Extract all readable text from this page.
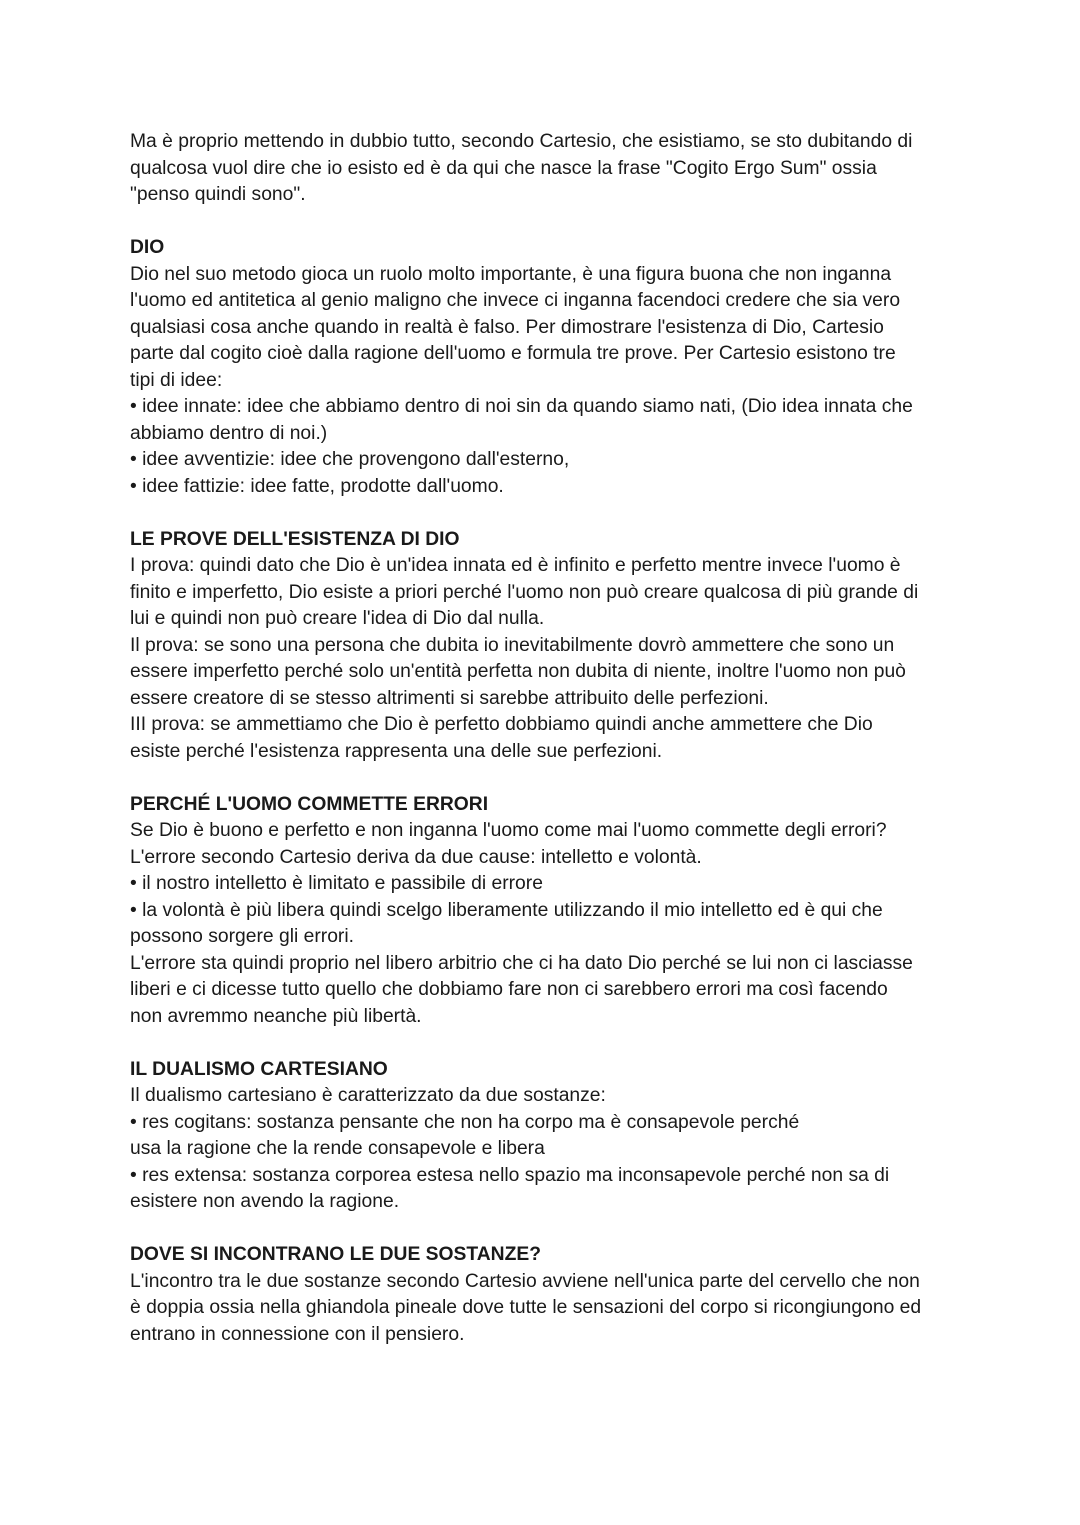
Ma è proprio mettendo in dubbio tutto, secondo Cartesio, che esistiamo, se sto dubitando di
qualcosa vuol dire che io esisto ed è da qui che nasce la frase "Cogito Ergo Sum" ossia
"penso quindi sono".

DIO

Dio nel suo metodo gioca un ruolo molto importante, è una figura buona che non inganna
l'uomo ed antitetica al genio maligno che invece ci inganna facendoci credere che sia vero
qualsiasi cosa anche quando in realtà è falso. Per dimostrare l'esistenza di Dio, Cartesio
parte dal cogito cioè dalla ragione dell'uomo e formula tre prove. Per Cartesio esistono tre
tipi di idee:
• idee innate: idee che abbiamo dentro di noi sin da quando siamo nati, (Dio idea innata che
abbiamo dentro di noi.)
• idee avventizie: idee che provengono dall'esterno,
• idee fattizie: idee fatte, prodotte dall'uomo.

LE PROVE DELL'ESISTENZA DI DIO

I prova: quindi dato che Dio è un'idea innata ed è infinito e perfetto mentre invece l'uomo è
finito e imperfetto, Dio esiste a priori perché l'uomo non può creare qualcosa di più grande di
lui e quindi non può creare l'idea di Dio dal nulla.
Il prova: se sono una persona che dubita io inevitabilmente dovrò ammettere che sono un
essere imperfetto perché solo un'entità perfetta non dubita di niente, inoltre l'uomo non può
essere creatore di se stesso altrimenti si sarebbe attribuito delle perfezioni.
III prova: se ammettiamo che Dio è perfetto dobbiamo quindi anche ammettere che Dio
esiste perché l'esistenza rappresenta una delle sue perfezioni.

PERCHÉ L'UOMO COMMETTE ERRORI

Se Dio è buono e perfetto e non inganna l'uomo come mai l'uomo commette degli errori?
L'errore secondo Cartesio deriva da due cause: intelletto e volontà.
• il nostro intelletto è limitato e passibile di errore
• la volontà è più libera quindi scelgo liberamente utilizzando il mio intelletto ed è qui che
possono sorgere gli errori.
L'errore sta quindi proprio nel libero arbitrio che ci ha dato Dio perché se lui non ci lasciasse
liberi e ci dicesse tutto quello che dobbiamo fare non ci sarebbero errori ma così facendo
non avremmo neanche più libertà.

IL DUALISMO CARTESIANO

Il dualismo cartesiano è caratterizzato da due sostanze:
• res cogitans: sostanza pensante che non ha corpo ma è consapevole perché
usa la ragione che la rende consapevole e libera
• res extensa: sostanza corporea estesa nello spazio ma inconsapevole perché non sa di
esistere non avendo la ragione.

DOVE SI INCONTRANO LE DUE SOSTANZE?

L'incontro tra le due sostanze secondo Cartesio avviene nell'unica parte del cervello che non
è doppia ossia nella ghiandola pineale dove tutte le sensazioni del corpo si ricongiungono ed
entrano in connessione con il pensiero.
